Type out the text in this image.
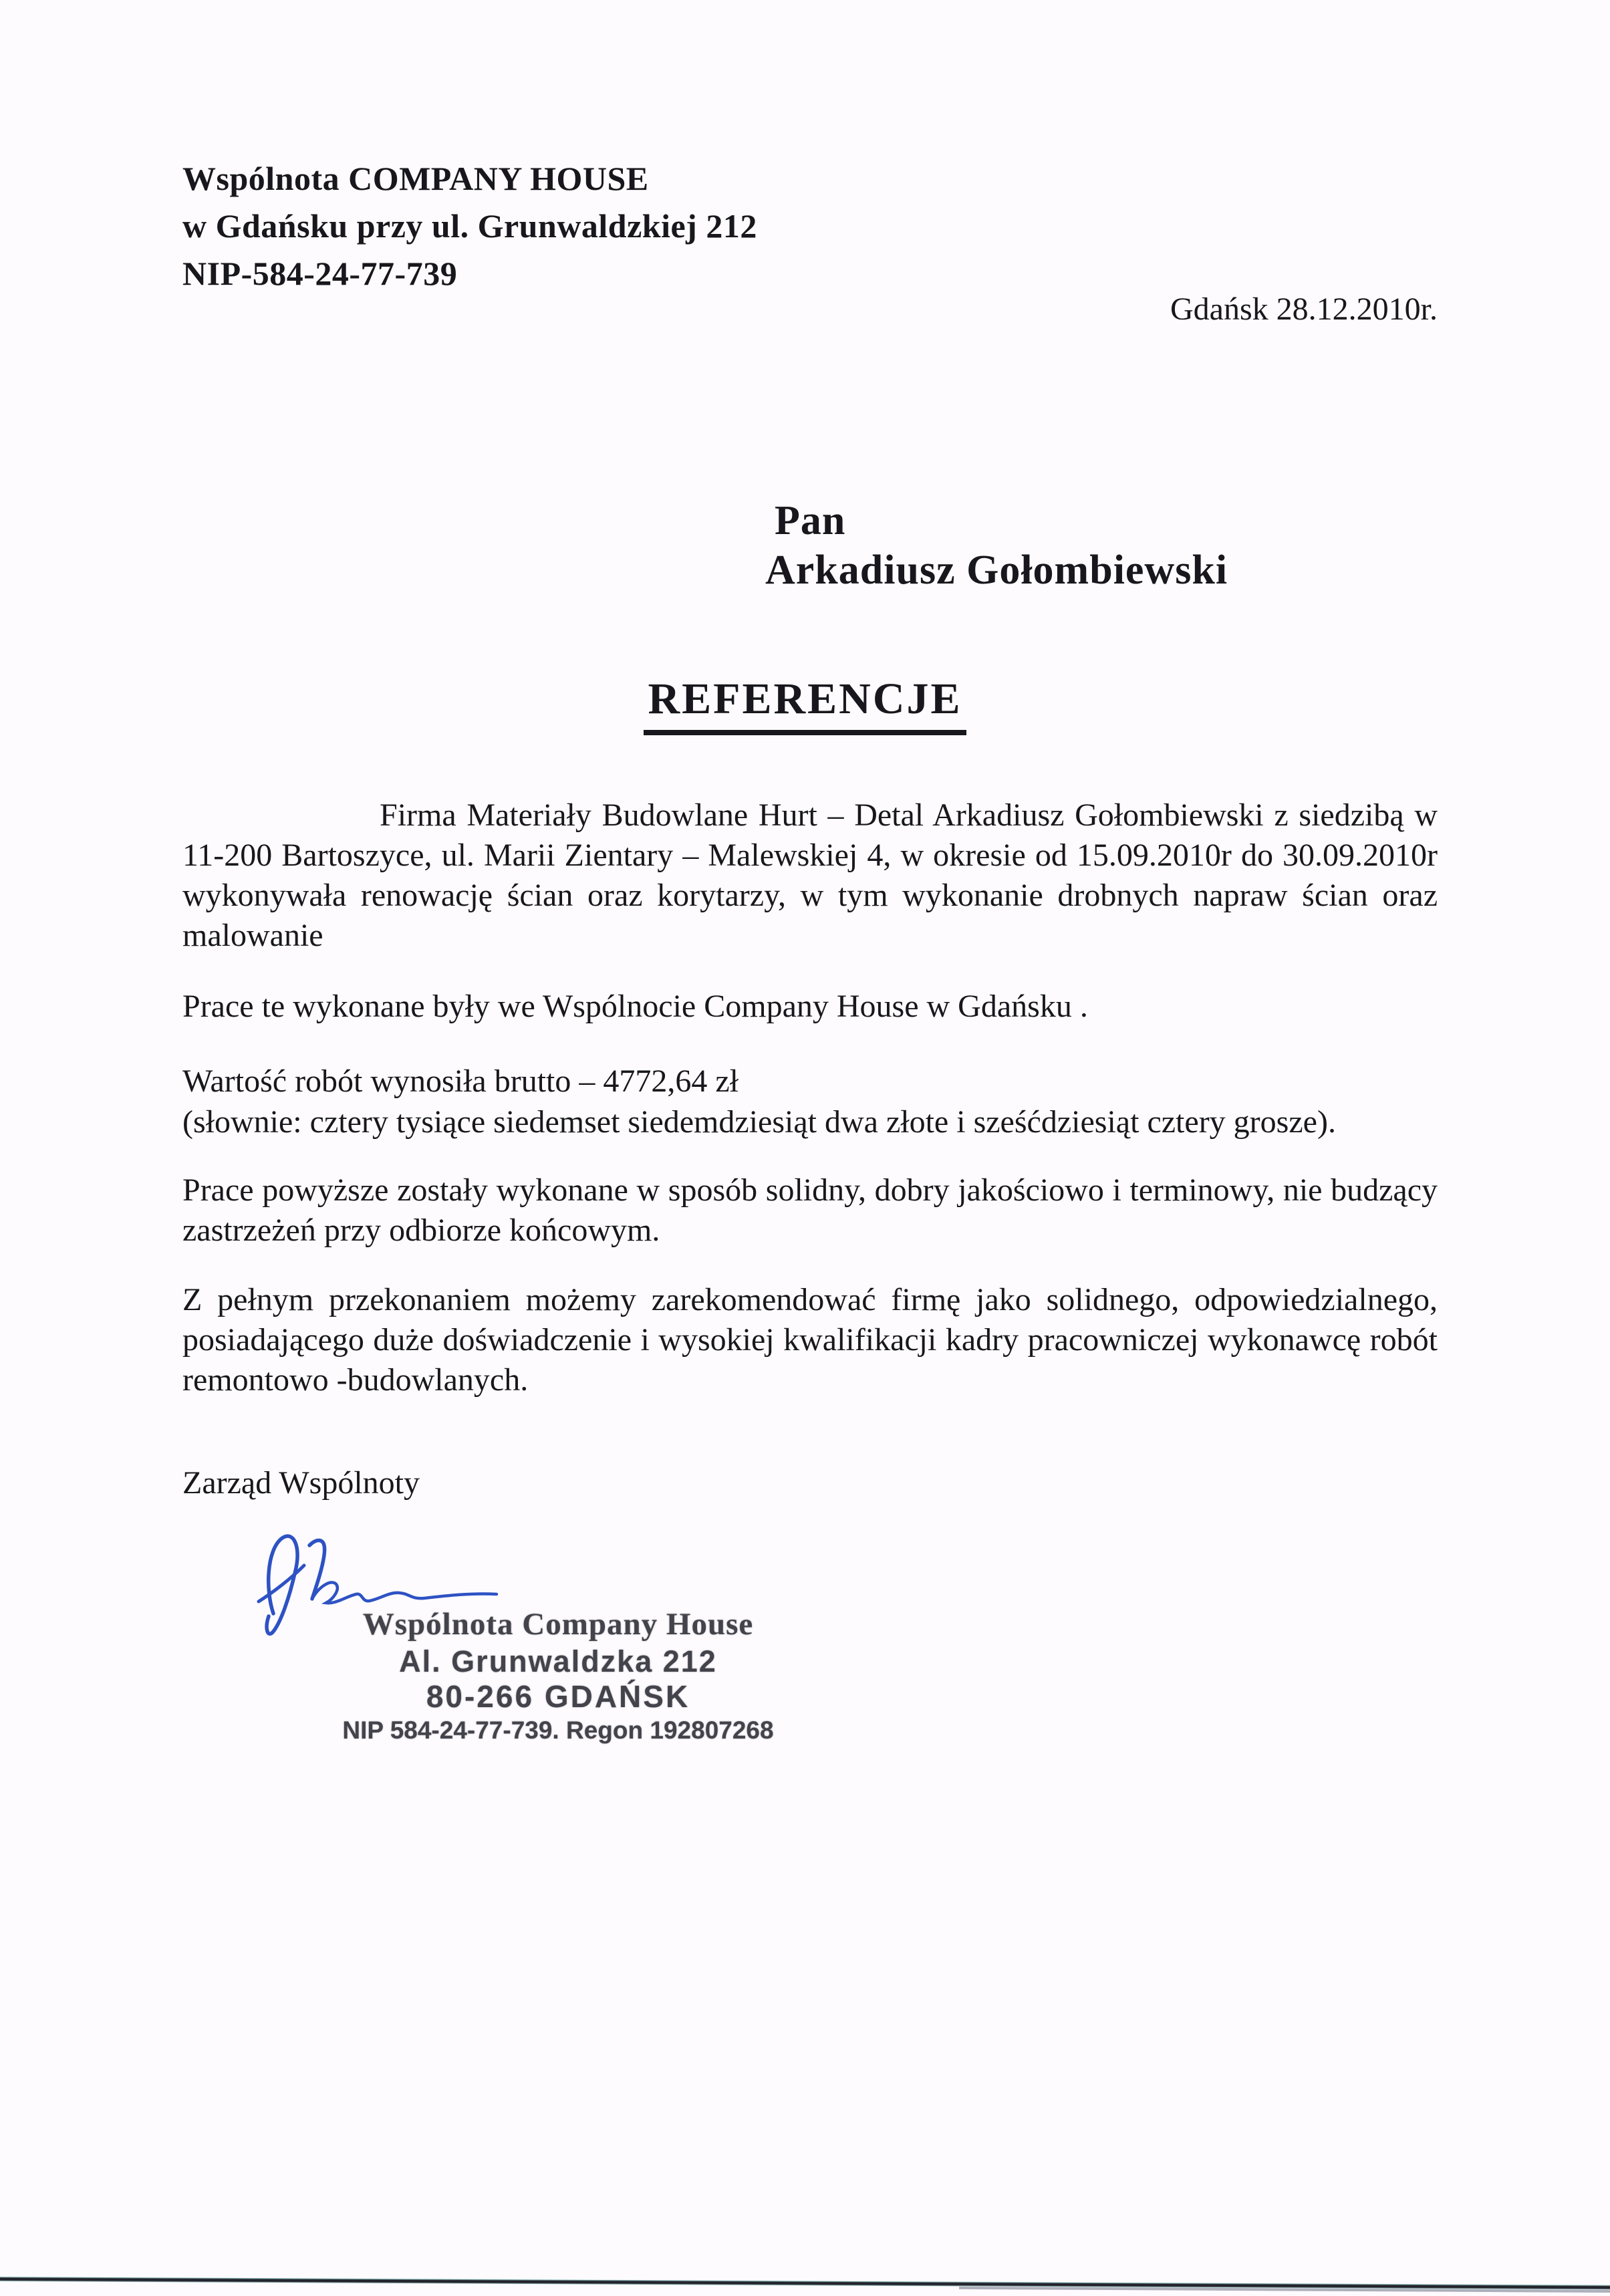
Wspólnota COMPANY HOUSE
w Gdańsku przy ul. Grunwaldzkiej 212
NIP-584-24-77-739
Gdańsk 28.12.2010r.
Pan
Arkadiusz Gołombiewski
REFERENCJE

Firma Materiały Budowlane Hurt – Detal Arkadiusz Gołombiewski z siedzibą w 11-200 Bartoszyce, ul. Marii Zientary – Malewskiej 4, w okresie od 15.09.2010r do 30.09.2010r wykonywała renowację ścian oraz korytarzy, w tym wykonanie drobnych napraw ścian oraz malowanie

Prace te wykonane były we Wspólnocie Company House w Gdańsku .

Wartość robót wynosiła brutto – 4772,64 zł

(słownie: cztery tysiące siedemset siedemdziesiąt dwa złote i sześćdziesiąt cztery grosze).

Prace powyższe zostały wykonane w sposób solidny, dobry jakościowo i terminowy, nie budzący zastrzeżeń przy odbiorze końcowym.

Z pełnym przekonaniem możemy zarekomendować firmę jako solidnego, odpowiedzialnego, posiadającego duże doświadczenie i wysokiej kwalifikacji kadry pracowniczej wykonawcę robót remontowo -budowlanych.

Zarząd Wspólnoty
Wspólnota Company House
Al. Grunwaldzka 212
80-266 GDAŃSK
NIP 584-24-77-739. Regon 192807268
